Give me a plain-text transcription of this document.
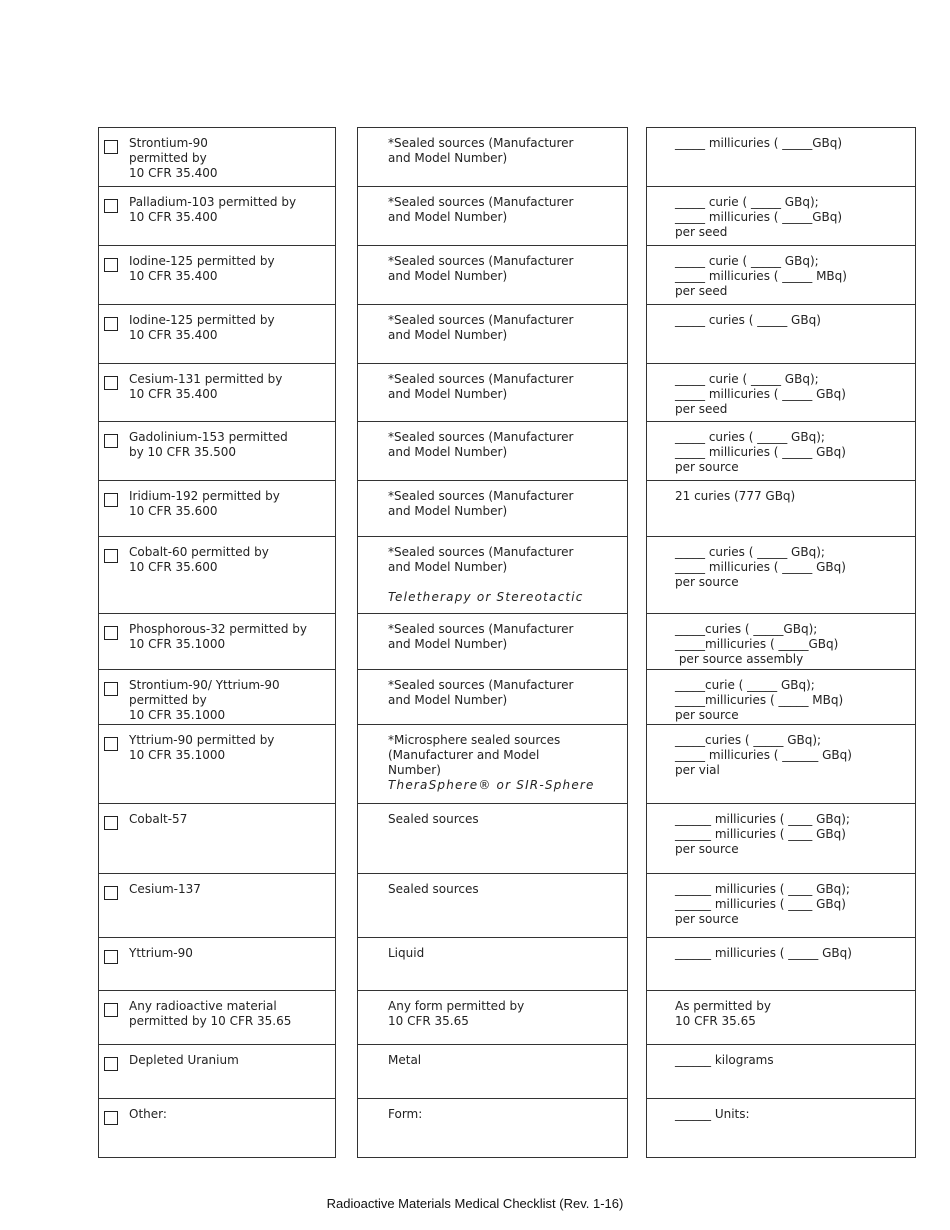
Strontium-90
permitted by
10 CFR 35.400
Palladium-103 permitted by
10 CFR 35.400
Iodine-125 permitted by
10 CFR 35.400
Iodine-125 permitted by
10 CFR 35.400
Cesium-131 permitted by
10 CFR 35.400
Gadolinium-153 permitted
by 10 CFR 35.500
Iridium-192 permitted by
10 CFR 35.600
Cobalt-60 permitted by
10 CFR 35.600
Phosphorous-32 permitted by
10 CFR 35.1000
Strontium-90/ Yttrium-90
permitted by
10 CFR 35.1000
Yttrium-90 permitted by
10 CFR 35.1000
Cobalt-57
Cesium-137
Yttrium-90
Any radioactive material
permitted by 10 CFR 35.65
Depleted Uranium
Other:
*Sealed sources (Manufacturer
and Model Number)
*Sealed sources (Manufacturer
and Model Number)
*Sealed sources (Manufacturer
and Model Number)
*Sealed sources (Manufacturer
and Model Number)
*Sealed sources (Manufacturer
and Model Number)
*Sealed sources (Manufacturer
and Model Number)
*Sealed sources (Manufacturer
and Model Number)
*Sealed sources (Manufacturer
and Model Number)

Teletherapy or Stereotactic
*Sealed sources (Manufacturer
and Model Number)
*Sealed sources (Manufacturer
and Model Number)
*Microsphere sealed sources
(Manufacturer and Model
Number)
TheraSphere® or SIR-Sphere
Sealed sources
Sealed sources
Liquid
Any form permitted by
10 CFR 35.65
Metal
Form:
_____ millicuries ( _____GBq)
_____ curie ( _____ GBq);
_____ millicuries ( _____GBq)
per seed
_____ curie ( _____ GBq);
_____ millicuries ( _____ MBq)
per seed
_____ curies ( _____ GBq)
_____ curie ( _____ GBq);
_____ millicuries ( _____ GBq)
per seed
_____ curies ( _____ GBq);
_____ millicuries ( _____ GBq)
per source
21 curies (777 GBq)
_____ curies ( _____ GBq);
_____ millicuries ( _____ GBq)
per source
_____curies ( _____GBq);
_____millicuries ( _____GBq)
per source assembly
_____curie ( _____ GBq);
_____millicuries ( _____ MBq)
per source
_____curies ( _____ GBq);
_____ millicuries ( ______ GBq)
per vial
______ millicuries ( ____ GBq);
______ millicuries ( ____ GBq)
per source
______ millicuries ( ____ GBq);
______ millicuries ( ____ GBq)
per source
______ millicuries ( _____ GBq)
As permitted by
10 CFR 35.65
______ kilograms
______ Units:
Radioactive Materials Medical Checklist (Rev. 1-16)
